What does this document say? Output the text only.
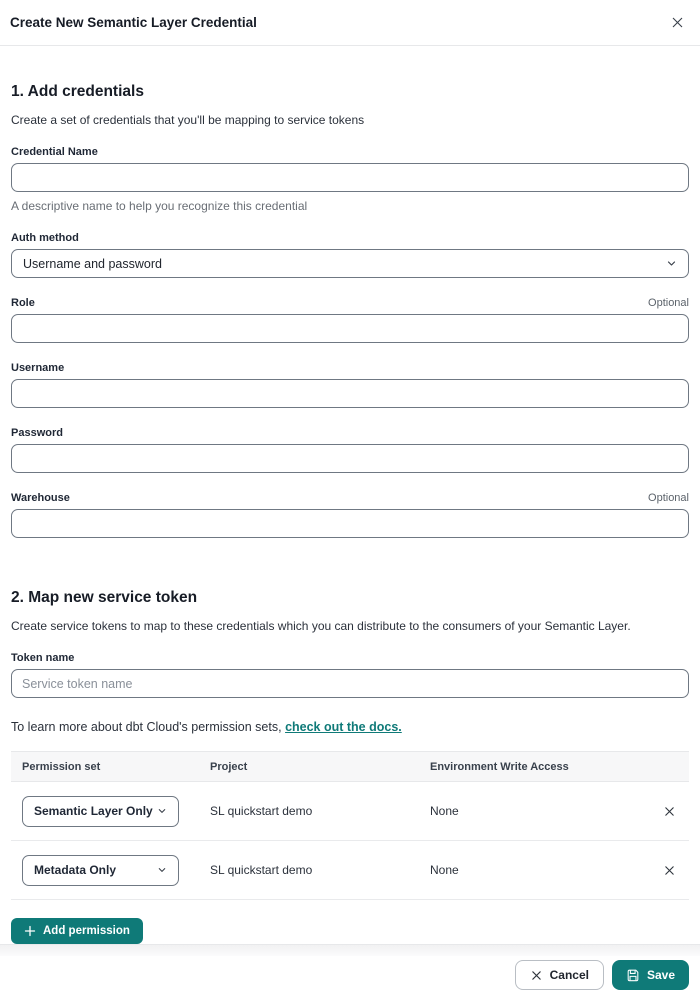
Create New Semantic Layer Credential
1. Add credentials

Create a set of credentials that you'll be mapping to service tokens

Credential Name
A descriptive name to help you recognize this credential
Auth method
Username and password
Role	Optional
Username
Password
Warehouse	Optional
2. Map new service token

Create service tokens to map to these credentials which you can distribute to the consumers of your Semantic Layer.

Token name
Service token name

To learn more about dbt Cloud's permission sets, check out the docs.

Permission set	Project	Environment Write Access
Semantic Layer Only	SL quickstart demo	None
Metadata Only	SL quickstart demo	None
Add permission
Cancel	Save
